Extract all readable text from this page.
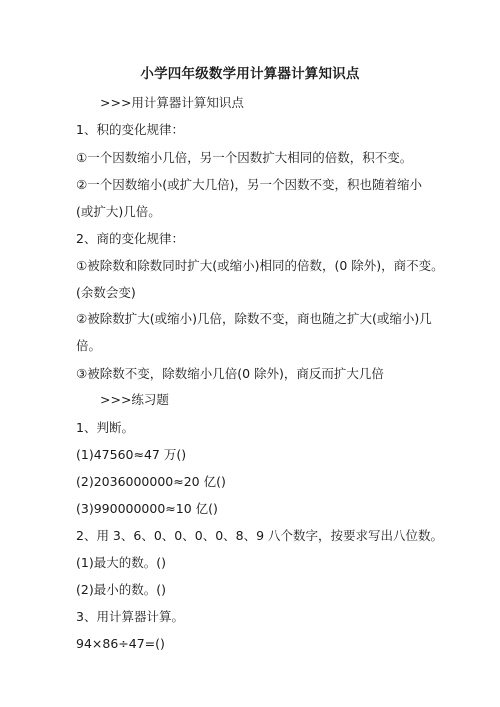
小学四年级数学用计算器计算知识点
>>>用计算器计算知识点
1、积的变化规律：
①一个因数缩小几倍，另一个因数扩大相同的倍数，积不变。
②一个因数缩小(或扩大几倍)，另一个因数不变，积也随着缩小
(或扩大)几倍。
2、商的变化规律：
①被除数和除数同时扩大(或缩小)相同的倍数，(0 除外)，商不变。
(余数会变)
②被除数扩大(或缩小)几倍，除数不变，商也随之扩大(或缩小)几
倍。
③被除数不变，除数缩小几倍(0 除外)，商反而扩大几倍
>>>练习题
1、判断。
(1)47560≈47 万()
(2)2036000000≈20 亿()
(3)990000000≈10 亿()
2、用 3、6、0、0、0、0、8、9 八个数字，按要求写出八位数。
(1)最大的数。()
(2)最小的数。()
3、用计算器计算。
94×86÷47=()
